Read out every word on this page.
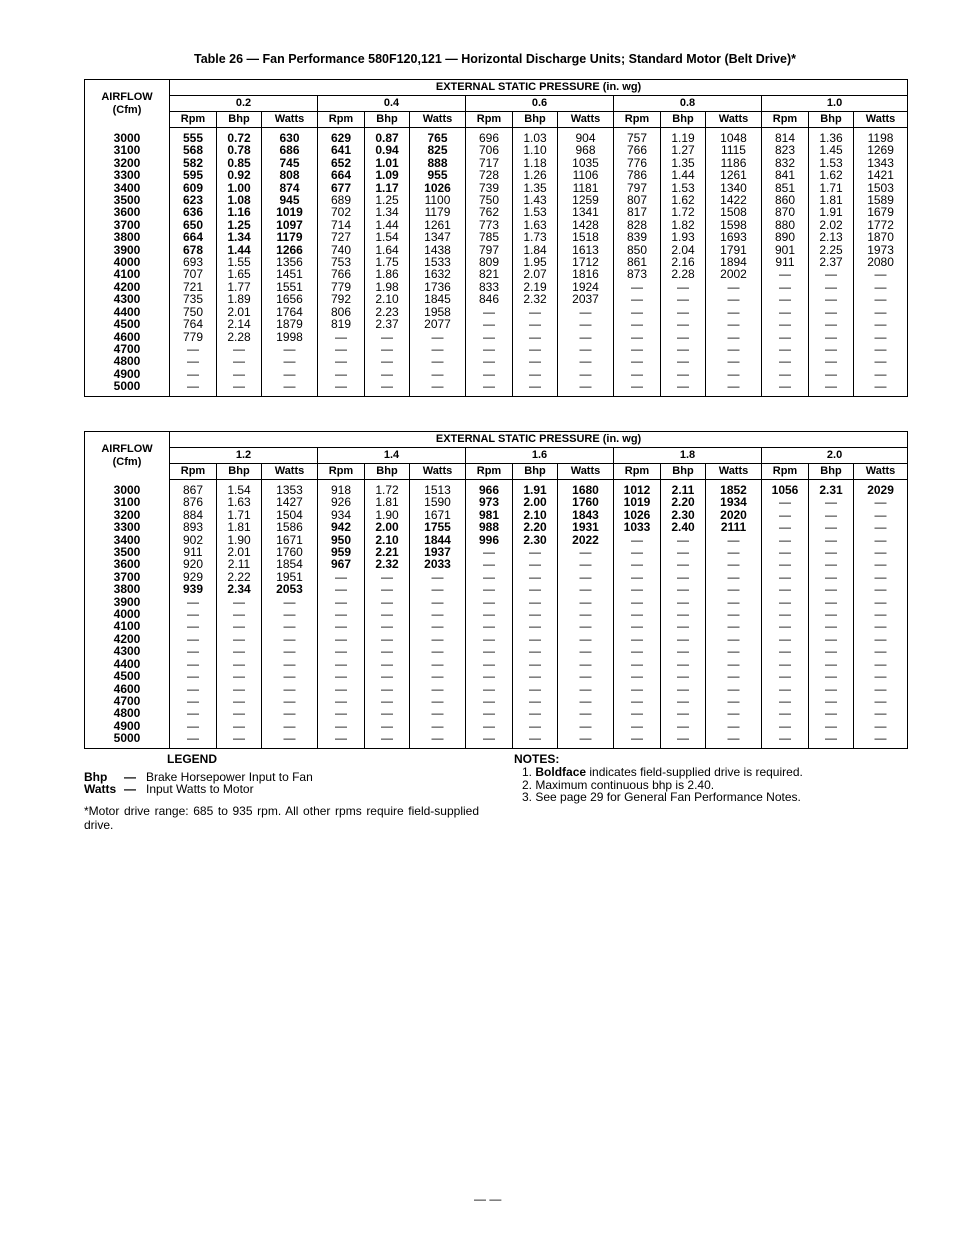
Table 26 — Fan Performance 580F120,121 — Horizontal Discharge Units; Standard Motor (Belt Drive)*
AIRFLOW
(Cfm)	EXTERNAL STATIC PRESSURE (in. wg)														
	0.2			0.4			0.6			0.8			1.0		
	Rpm	Bhp	Watts	Rpm	Bhp	Watts	Rpm	Bhp	Watts	Rpm	Bhp	Watts	Rpm	Bhp	Watts
3000	555	0.72	630	629	0.87	765	696	1.03	904	757	1.19	1048	814	1.36	1198
3100	568	0.78	686	641	0.94	825	706	1.10	968	766	1.27	1115	823	1.45	1269
3200	582	0.85	745	652	1.01	888	717	1.18	1035	776	1.35	1186	832	1.53	1343
3300	595	0.92	808	664	1.09	955	728	1.26	1106	786	1.44	1261	841	1.62	1421
3400	609	1.00	874	677	1.17	1026	739	1.35	1181	797	1.53	1340	851	1.71	1503
3500	623	1.08	945	689	1.25	1100	750	1.43	1259	807	1.62	1422	860	1.81	1589
3600	636	1.16	1019	702	1.34	1179	762	1.53	1341	817	1.72	1508	870	1.91	1679
3700	650	1.25	1097	714	1.44	1261	773	1.63	1428	828	1.82	1598	880	2.02	1772
3800	664	1.34	1179	727	1.54	1347	785	1.73	1518	839	1.93	1693	890	2.13	1870
3900	678	1.44	1266	740	1.64	1438	797	1.84	1613	850	2.04	1791	901	2.25	1973
4000	693	1.55	1356	753	1.75	1533	809	1.95	1712	861	2.16	1894	911	2.37	2080
4100	707	1.65	1451	766	1.86	1632	821	2.07	1816	873	2.28	2002	—	—	—
4200	721	1.77	1551	779	1.98	1736	833	2.19	1924	—	—	—	—	—	—
4300	735	1.89	1656	792	2.10	1845	846	2.32	2037	—	—	—	—	—	—
4400	750	2.01	1764	806	2.23	1958	—	—	—	—	—	—	—	—	—
4500	764	2.14	1879	819	2.37	2077	—	—	—	—	—	—	—	—	—
4600	779	2.28	1998	—	—	—	—	—	—	—	—	—	—	—	—
4700	—	—	—	—	—	—	—	—	—	—	—	—	—	—	—
4800	—	—	—	—	—	—	—	—	—	—	—	—	—	—	—
4900	—	—	—	—	—	—	—	—	—	—	—	—	—	—	—
5000	—	—	—	—	—	—	—	—	—	—	—	—	—	—	—
AIRFLOW
(Cfm)	EXTERNAL STATIC PRESSURE (in. wg)														
	1.2			1.4			1.6			1.8			2.0		
	Rpm	Bhp	Watts	Rpm	Bhp	Watts	Rpm	Bhp	Watts	Rpm	Bhp	Watts	Rpm	Bhp	Watts
3000	867	1.54	1353	918	1.72	1513	966	1.91	1680	1012	2.11	1852	1056	2.31	2029
3100	876	1.63	1427	926	1.81	1590	973	2.00	1760	1019	2.20	1934	—	—	—
3200	884	1.71	1504	934	1.90	1671	981	2.10	1843	1026	2.30	2020	—	—	—
3300	893	1.81	1586	942	2.00	1755	988	2.20	1931	1033	2.40	2111	—	—	—
3400	902	1.90	1671	950	2.10	1844	996	2.30	2022	—	—	—	—	—	—
3500	911	2.01	1760	959	2.21	1937	—	—	—	—	—	—	—	—	—
3600	920	2.11	1854	967	2.32	2033	—	—	—	—	—	—	—	—	—
3700	929	2.22	1951	—	—	—	—	—	—	—	—	—	—	—	—
3800	939	2.34	2053	—	—	—	—	—	—	—	—	—	—	—	—
3900	—	—	—	—	—	—	—	—	—	—	—	—	—	—	—
4000	—	—	—	—	—	—	—	—	—	—	—	—	—	—	—
4100	—	—	—	—	—	—	—	—	—	—	—	—	—	—	—
4200	—	—	—	—	—	—	—	—	—	—	—	—	—	—	—
4300	—	—	—	—	—	—	—	—	—	—	—	—	—	—	—
4400	—	—	—	—	—	—	—	—	—	—	—	—	—	—	—
4500	—	—	—	—	—	—	—	—	—	—	—	—	—	—	—
4600	—	—	—	—	—	—	—	—	—	—	—	—	—	—	—
4700	—	—	—	—	—	—	—	—	—	—	—	—	—	—	—
4800	—	—	—	—	—	—	—	—	—	—	—	—	—	—	—
4900	—	—	—	—	—	—	—	—	—	—	—	—	—	—	—
5000	—	—	—	—	—	—	—	—	—	—	—	—	—	—	—
LEGEND
Bhp — Brake Horsepower Input to Fan
Watts — Input Watts to Motor
*Motor drive range: 685 to 935 rpm. All other rpms require field-supplied drive.
NOTES:
1. Boldface indicates field-supplied drive is required.
2. Maximum continuous bhp is 2.40.
3. See page 29 for General Fan Performance Notes.
— —
